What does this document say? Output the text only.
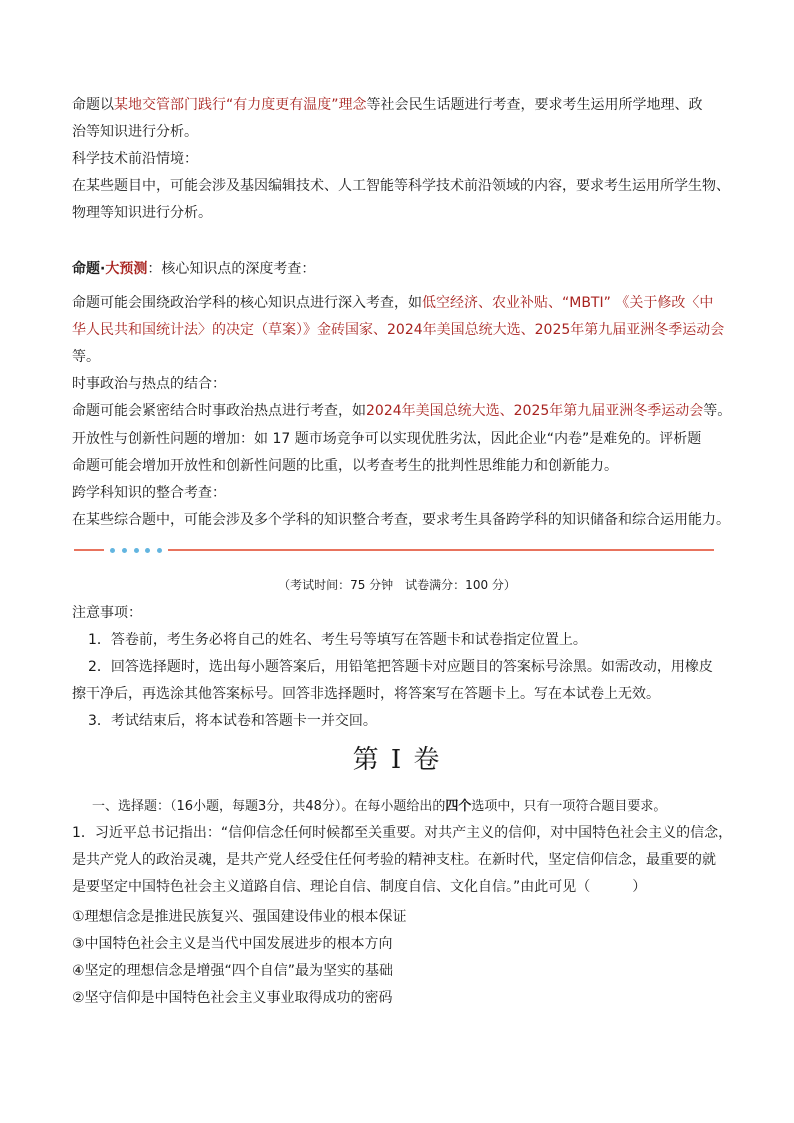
命题以某地交管部门践行“有力度更有温度”理念等社会民生话题进行考查，要求考生运用所学地理、政

治等知识进行分析。

科学技术前沿情境：

在某些题目中，可能会涉及基因编辑技术、人工智能等科学技术前沿领域的内容，要求考生运用所学生物、

物理等知识进行分析。

命题·大预测：核心知识点的深度考查：

命题可能会围绕政治学科的核心知识点进行深入考查，如低空经济、农业补贴、“MBTI” 《关于修改〈中

华人民共和国统计法〉的决定（草案）》金砖国家、2024年美国总统大选、2025年第九届亚洲冬季运动会

等。

时事政治与热点的结合：

命题可能会紧密结合时事政治热点进行考查，如2024年美国总统大选、2025年第九届亚洲冬季运动会等。

开放性与创新性问题的增加：如 17 题市场竞争可以实现优胜劣汰，因此企业“内卷”是难免的。评析题

命题可能会增加开放性和创新性问题的比重，以考查考生的批判性思维能力和创新能力。

跨学科知识的整合考查：

在某些综合题中，可能会涉及多个学科的知识整合考查，要求考生具备跨学科的知识储备和综合运用能力。

（考试时间：75 分钟　试卷满分：100 分）

注意事项：

1．答卷前，考生务必将自己的姓名、考生号等填写在答题卡和试卷指定位置上。

2．回答选择题时，选出每小题答案后，用铅笔把答题卡对应题目的答案标号涂黑。如需改动，用橡皮

擦干净后，再选涂其他答案标号。回答非选择题时，将答案写在答题卡上。写在本试卷上无效。

3．考试结束后，将本试卷和答题卡一并交回。

第 I 卷

一、选择题：（16小题，每题3分，共48分）。在每小题给出的四个选项中，只有一项符合题目要求。

1．习近平总书记指出：“信仰信念任何时候都至关重要。对共产主义的信仰，对中国特色社会主义的信念，

是共产党人的政治灵魂，是共产党人经受住任何考验的精神支柱。在新时代，坚定信仰信念，最重要的就

是要坚定中国特色社会主义道路自信、理论自信、制度自信、文化自信。”由此可见（　　　）

①理想信念是推进民族复兴、强国建设伟业的根本保证

③中国特色社会主义是当代中国发展进步的根本方向

④坚定的理想信念是增强“四个自信”最为坚实的基础

②坚守信仰是中国特色社会主义事业取得成功的密码
